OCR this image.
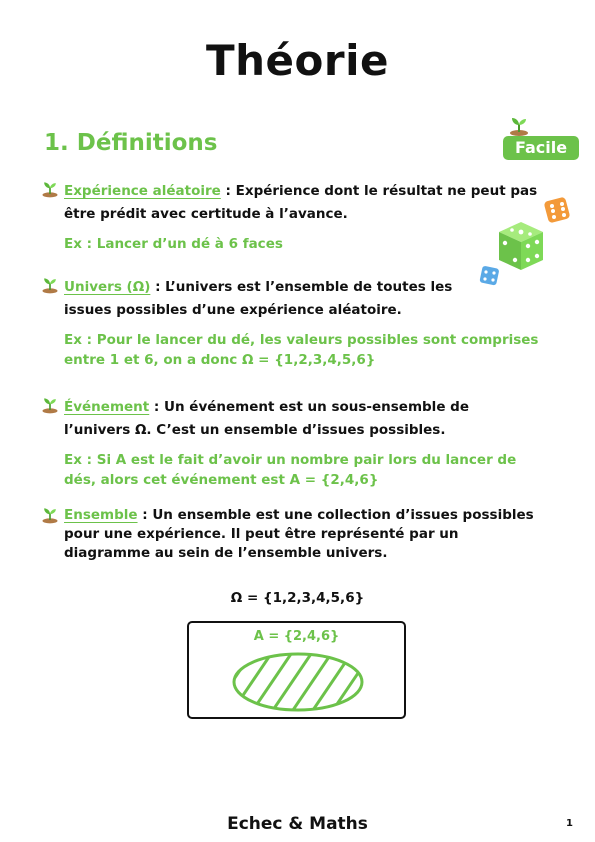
Théorie
1. Définitions	Facile
Expérience aléatoire : Expérience dont le résultat ne peut pas être prédit avec certitude à l’avance.
Ex : Lancer d’un dé à 6 faces
Univers (Ω) : L’univers est l’ensemble de toutes les issues possibles d’une expérience aléatoire.
Ex : Pour le lancer du dé, les valeurs possibles sont comprises entre 1 et 6, on a donc Ω = {1,2,3,4,5,6}
Événement : Un événement est un sous-ensemble de l’univers Ω. C’est un ensemble d’issues possibles.
Ex : Si A est le fait d’avoir un nombre pair lors du lancer de dés, alors cet événement est A = {2,4,6}
Ensemble : Un ensemble est une collection d’issues possibles pour une expérience. Il peut être représenté par un diagramme au sein de l’ensemble univers.
Ω = {1,2,3,4,5,6}
A = {2,4,6}
Echec & Maths	1
